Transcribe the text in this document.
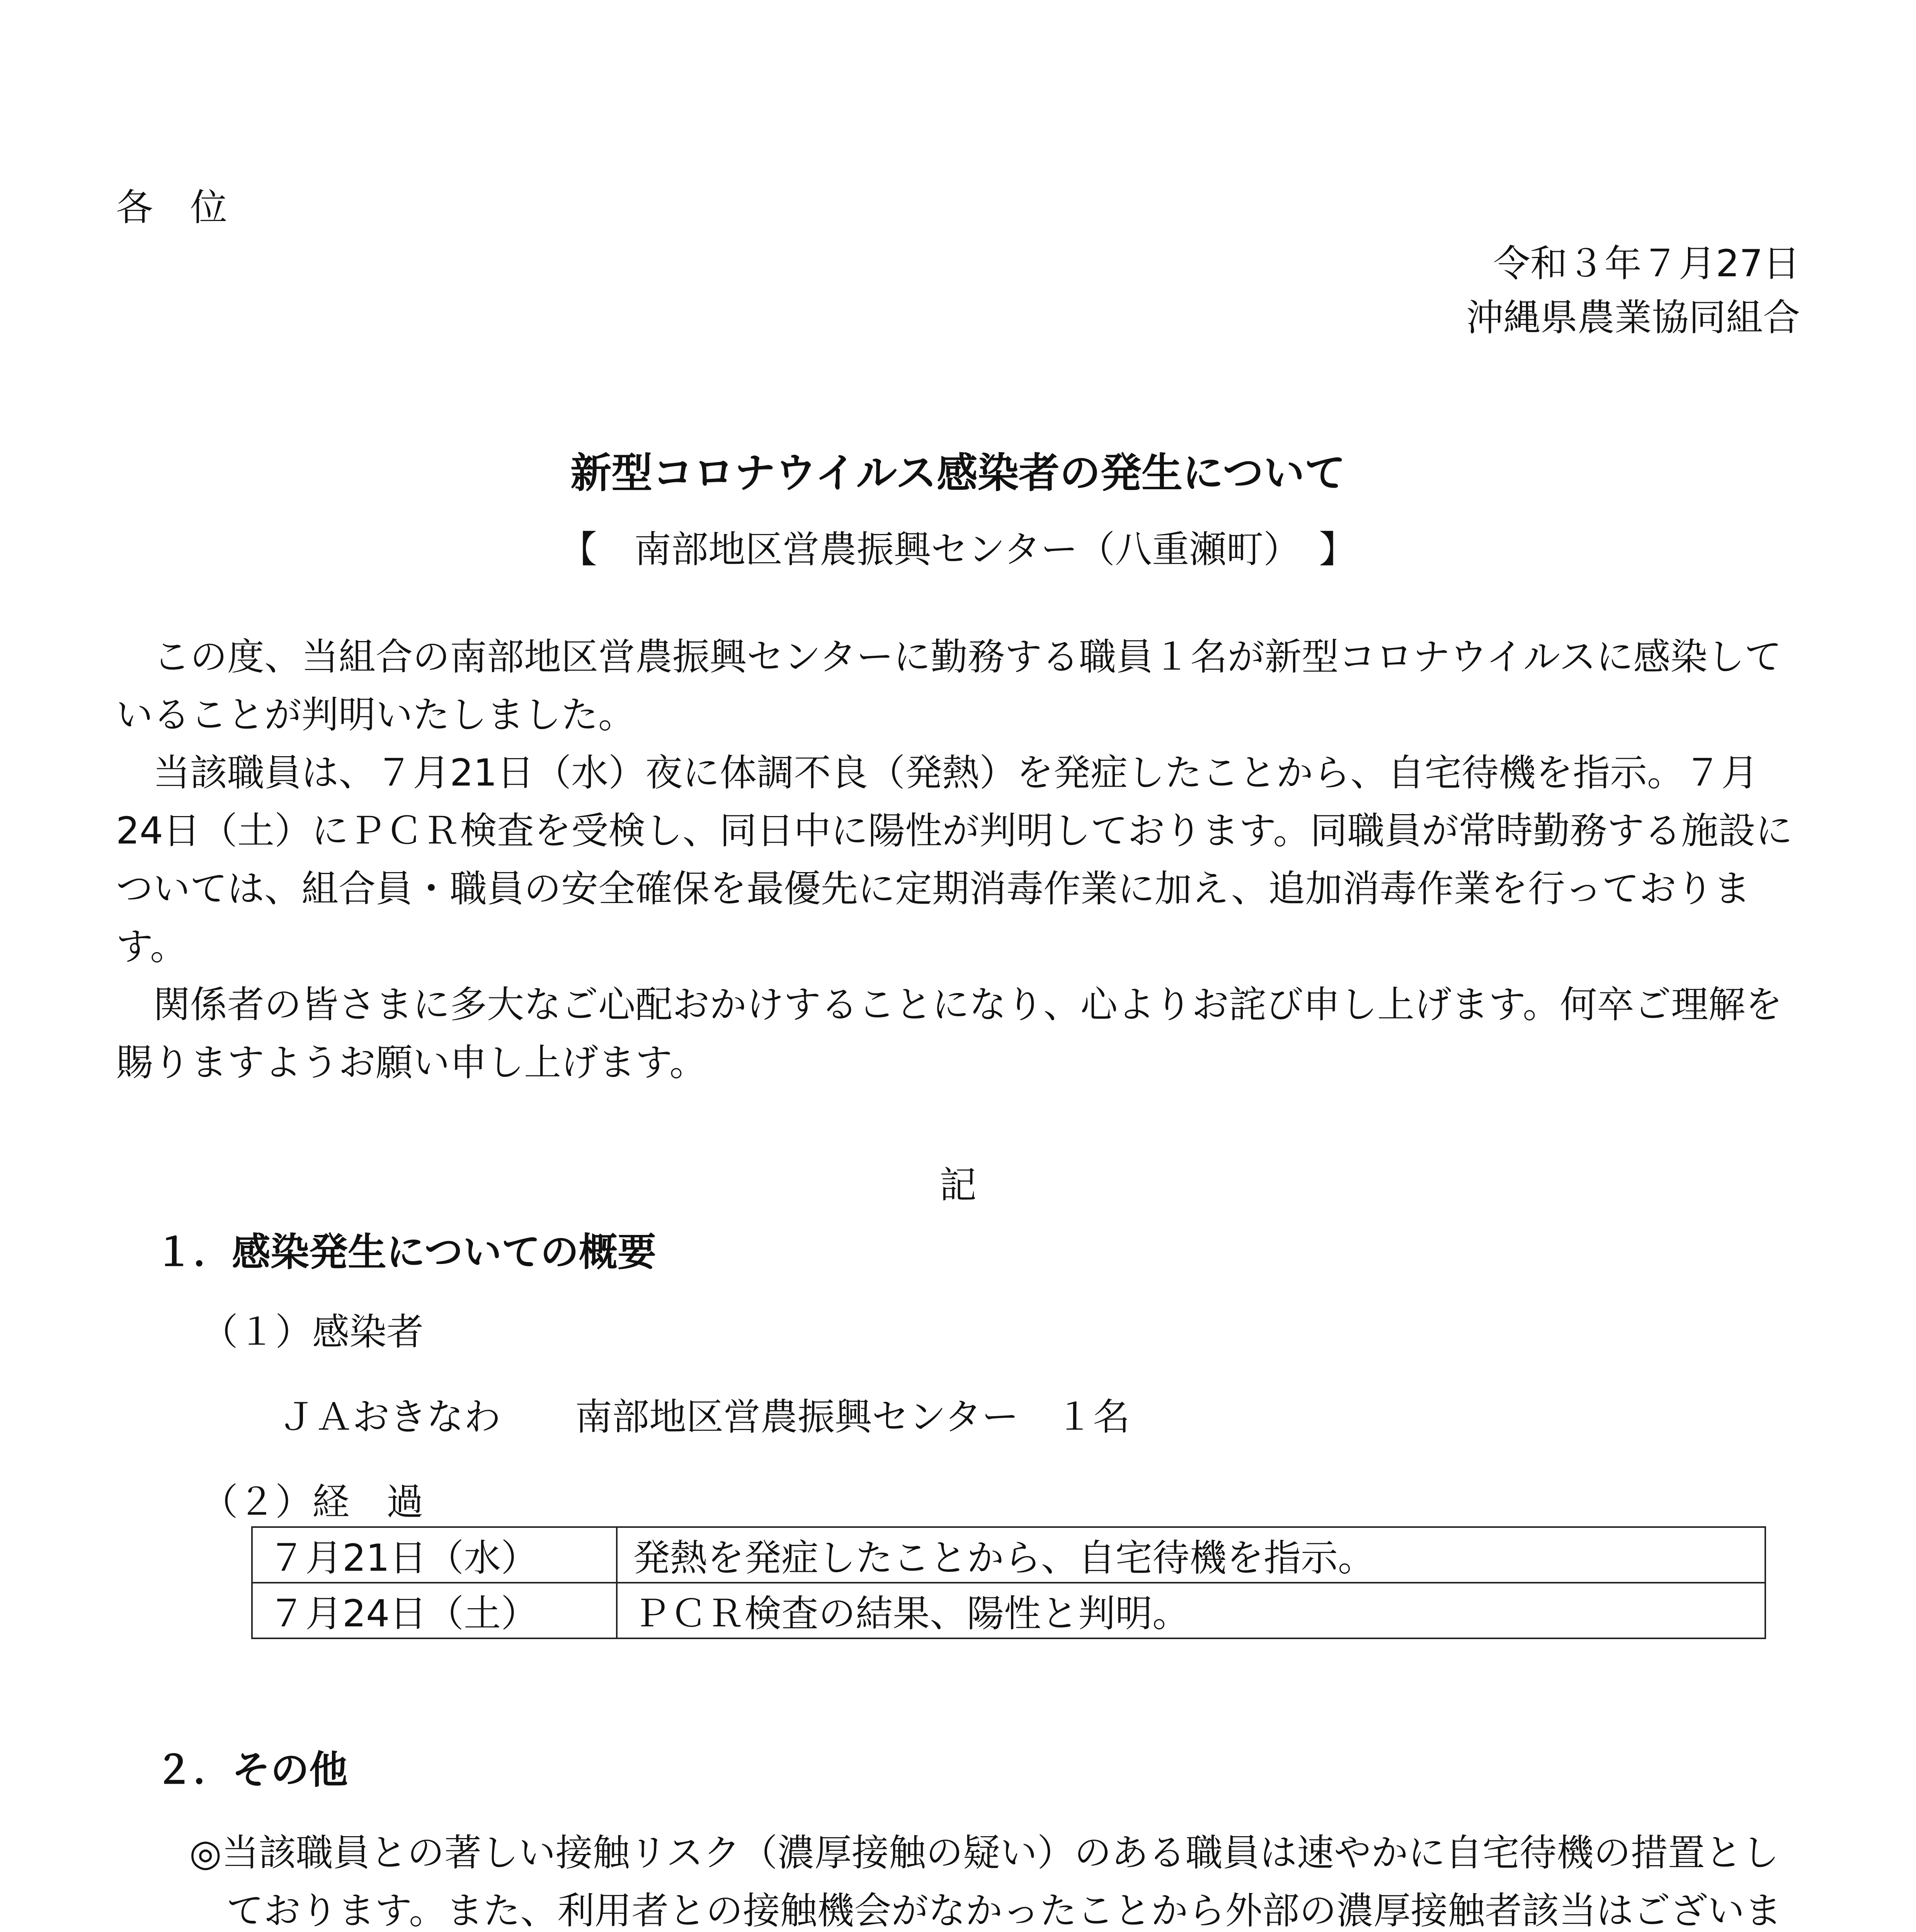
各　位
令和３年７月27日
沖縄県農業協同組合
新型コロナウイルス感染者の発生について
【　南部地区営農振興センター（八重瀬町）　】

この度、当組合の南部地区営農振興センターに勤務する職員１名が新型コロナウイルスに感染していることが判明いたしました。

当該職員は、７月21日（水）夜に体調不良（発熱）を発症したことから、自宅待機を指示。７月24日（土）にＰＣＲ検査を受検し、同日中に陽性が判明しております。同職員が常時勤務する施設については、組合員・職員の安全確保を最優先に定期消毒作業に加え、追加消毒作業を行っております。

関係者の皆さまに多大なご心配おかけすることになり、心よりお詫び申し上げます。何卒ご理解を賜りますようお願い申し上げます。

記
１．感染発生についての概要
（１）感染者
ＪＡおきなわ　　南部地区営農振興センター　１名
（２）経　過
７月21日（水）	発熱を発症したことから、自宅待機を指示。
７月24日（土）	ＰＣＲ検査の結果、陽性と判明。
２．その他

◎当該職員との著しい接触リスク（濃厚接触の疑い）のある職員は速やかに自宅待機の措置としております。また、利用者との接触機会がなかったことから外部の濃厚接触者該当はございま
